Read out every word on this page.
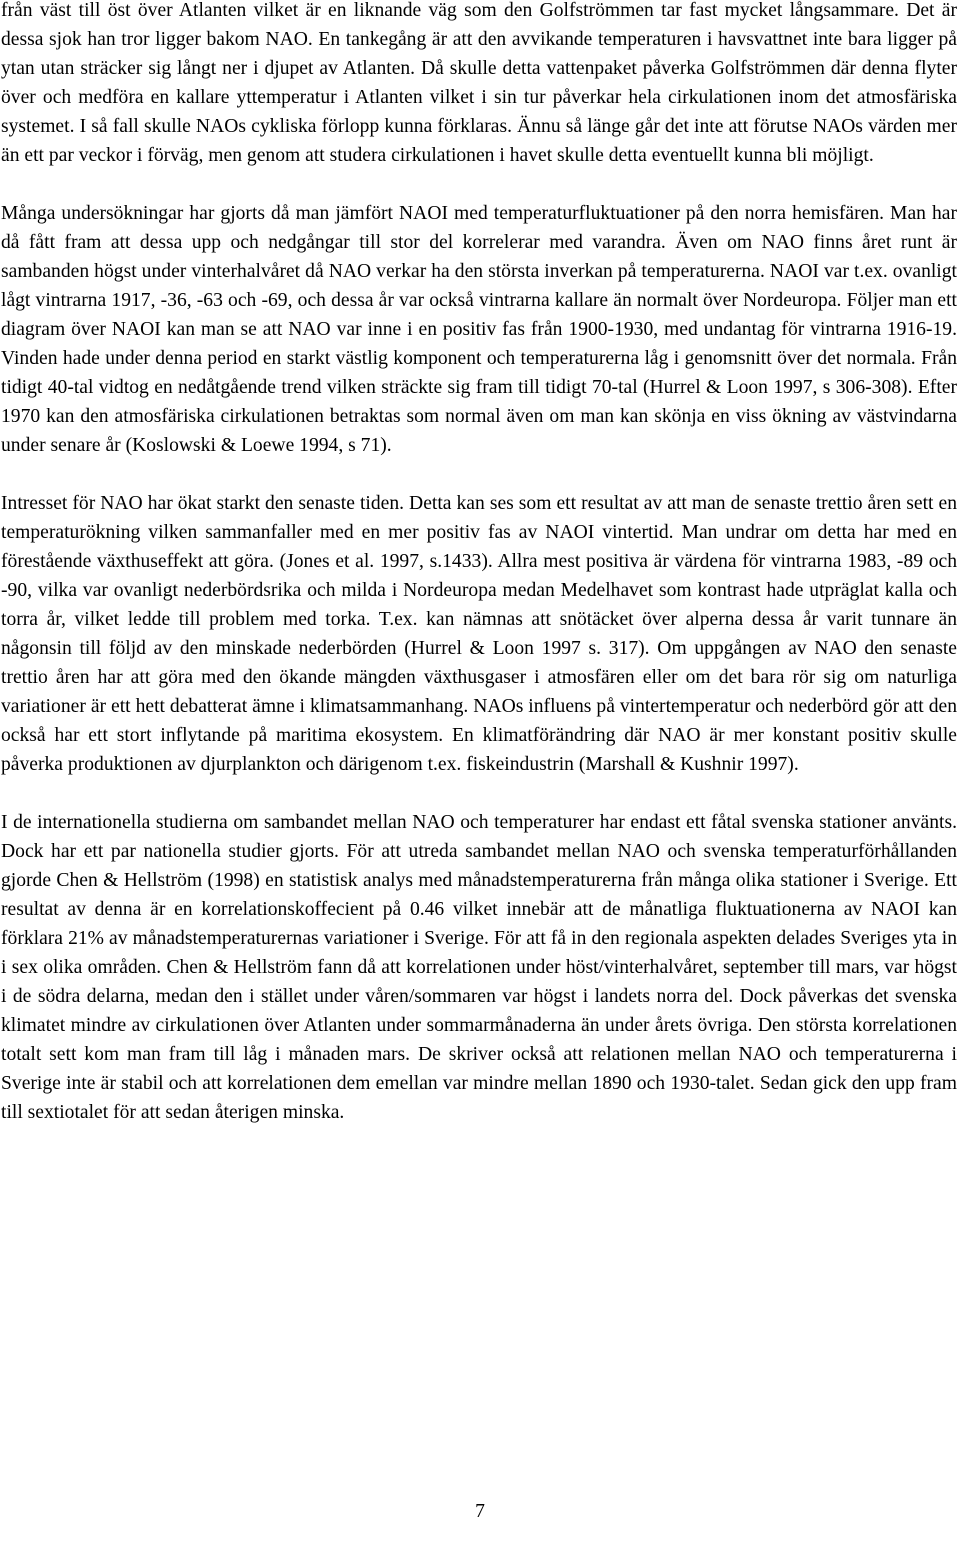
från väst till öst över Atlanten vilket är en liknande väg som den Golfströmmen tar fast mycket långsammare. Det är dessa sjok han tror ligger bakom NAO. En tankegång är att den avvikande temperaturen i havsvattnet inte bara ligger på ytan utan sträcker sig långt ner i djupet av Atlanten. Då skulle detta vattenpaket påverka Golfströmmen där denna flyter över och medföra en kallare yttemperatur i Atlanten vilket i sin tur påverkar hela cirkulationen inom det atmosfäriska systemet. I så fall skulle NAOs cykliska förlopp kunna förklaras. Ännu så länge går det inte att förutse NAOs värden mer än ett par veckor i förväg, men genom att studera cirkulationen i havet skulle detta eventuellt kunna bli möjligt.

Många undersökningar har gjorts då man jämfört NAOI med temperaturfluktuationer på den norra hemisfären. Man har då fått fram att dessa upp och nedgångar till stor del korrelerar med varandra. Även om NAO finns året runt är sambanden högst under vinterhalvåret då NAO verkar ha den största inverkan på temperaturerna. NAOI var t.ex. ovanligt lågt vintrarna 1917, -36, -63 och -69, och dessa år var också vintrarna kallare än normalt över Nordeuropa. Följer man ett diagram över NAOI kan man se att NAO var inne i en positiv fas från 1900-1930, med undantag för vintrarna 1916-19. Vinden hade under denna period en starkt västlig komponent och temperaturerna låg i genomsnitt över det normala. Från tidigt 40-tal vidtog en nedåtgående trend vilken sträckte sig fram till tidigt 70-tal (Hurrel & Loon 1997, s 306-308). Efter 1970 kan den atmosfäriska cirkulationen betraktas som normal även om man kan skönja en viss ökning av västvindarna under senare år (Koslowski & Loewe 1994, s 71).

Intresset för NAO har ökat starkt den senaste tiden. Detta kan ses som ett resultat av att man de senaste trettio åren sett en temperaturökning vilken sammanfaller med en mer positiv fas av NAOI vintertid. Man undrar om detta har med en förestående växthuseffekt att göra. (Jones et al. 1997, s.1433). Allra mest positiva är värdena för vintrarna 1983, -89 och -90, vilka var ovanligt nederbördsrika och milda i Nordeuropa medan Medelhavet som kontrast hade utpräglat kalla och torra år, vilket ledde till problem med torka. T.ex. kan nämnas att snötäcket över alperna dessa år varit tunnare än någonsin till följd av den minskade nederbörden (Hurrel & Loon 1997 s. 317). Om uppgången av NAO den senaste trettio åren har att göra med den ökande mängden växthusgaser i atmosfären eller om det bara rör sig om naturliga variationer är ett hett debatterat ämne i klimatsammanhang. NAOs influens på vintertemperatur och nederbörd gör att den också har ett stort inflytande på maritima ekosystem. En klimatförändring där NAO är mer konstant positiv skulle påverka produktionen av djurplankton och därigenom t.ex. fiskeindustrin (Marshall & Kushnir 1997).

I de internationella studierna om sambandet mellan NAO och temperaturer har endast ett fåtal svenska stationer använts. Dock har ett par nationella studier gjorts. För att utreda sambandet mellan NAO och svenska temperaturförhållanden gjorde Chen & Hellström (1998) en statistisk analys med månadstemperaturerna från många olika stationer i Sverige. Ett resultat av denna är en korrelationskoffecient på 0.46 vilket innebär att de månatliga fluktuationerna av NAOI kan förklara 21% av månadstemperaturernas variationer i Sverige. För att få in den regionala aspekten delades Sveriges yta in i sex olika områden. Chen & Hellström fann då att korrelationen under höst/vinterhalvåret, september till mars, var högst i de södra delarna, medan den i stället under våren/sommaren var högst i landets norra del. Dock påverkas det svenska klimatet mindre av cirkulationen över Atlanten under sommarmånaderna än under årets övriga. Den största korrelationen totalt sett kom man fram till låg i månaden mars. De skriver också att relationen mellan NAO och temperaturerna i Sverige inte är stabil och att korrelationen dem emellan var mindre mellan 1890 och 1930-talet. Sedan gick den upp fram till sextiotalet för att sedan återigen minska.

7
